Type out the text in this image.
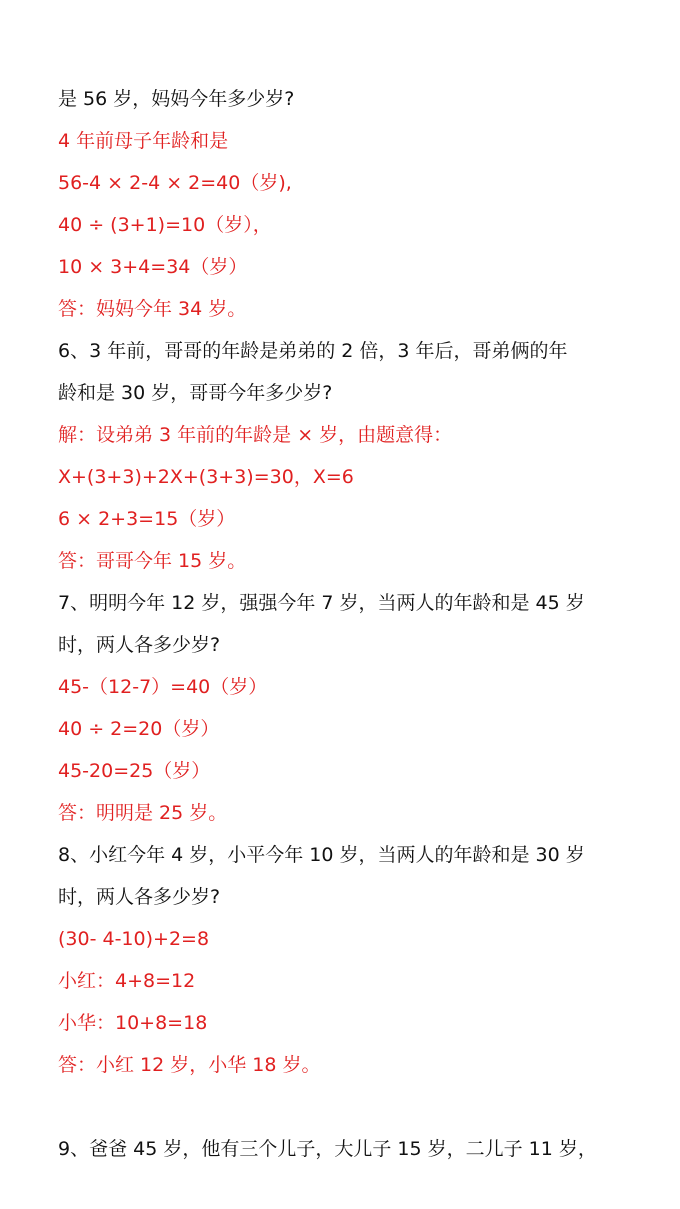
是 56 岁，妈妈今年多少岁?
4 年前母子年龄和是
56-4 × 2-4 × 2=40（岁),
40 ÷ (3+1)=10（岁），
10 × 3+4=34（岁）
答：妈妈今年 34 岁。
6、3 年前，哥哥的年龄是弟弟的 2 倍，3 年后，哥弟俩的年
龄和是 30 岁，哥哥今年多少岁?
解：设弟弟 3 年前的年龄是 × 岁，由题意得：
X+(3+3)+2X+(3+3)=30，X=6
6 × 2+3=15（岁）
答：哥哥今年 15 岁。
7、明明今年 12 岁，强强今年 7 岁，当两人的年龄和是 45 岁
时，两人各多少岁?
45-（12-7）=40（岁）
40 ÷ 2=20（岁）
45-20=25（岁）
答：明明是 25 岁。
8、小红今年 4 岁，小平今年 10 岁，当两人的年龄和是 30 岁
时，两人各多少岁?
(30- 4-10)+2=8
小红：4+8=12
小华：10+8=18
答：小红 12 岁，小华 18 岁。
9、爸爸 45 岁，他有三个儿子，大儿子 15 岁，二儿子 11 岁，
